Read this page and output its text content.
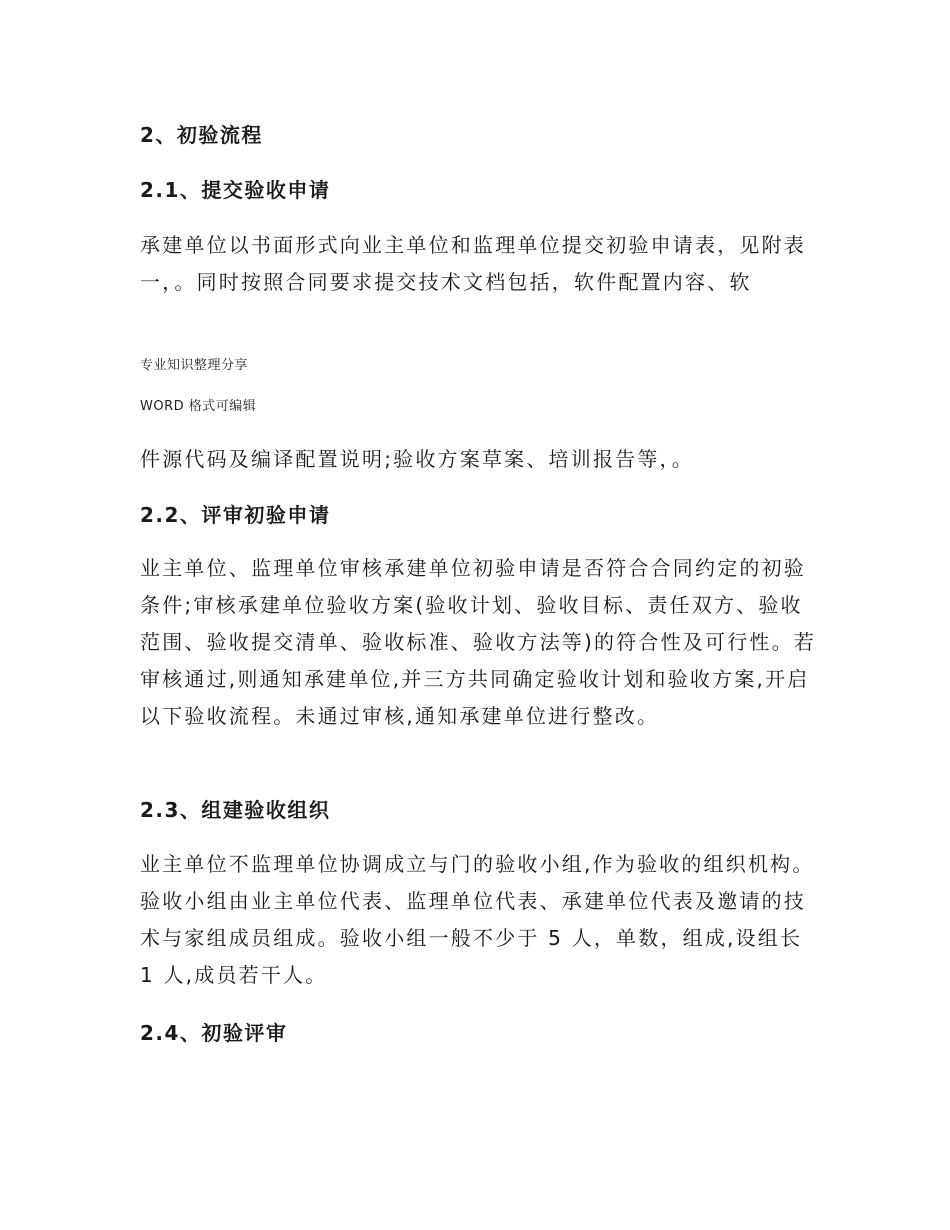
2、初验流程
2.1、提交验收申请

承建单位以书面形式向业主单位和监理单位提交初验申请表，见附表一，。同时按照合同要求提交技术文档包括，软件配置内容、软

专业知识整理分享
WORD 格式可编辑

件源代码及编译配置说明;验收方案草案、培训报告等，。

2.2、评审初验申请

业主单位、监理单位审核承建单位初验申请是否符合合同约定的初验条件;审核承建单位验收方案(验收计划、验收目标、责任双方、验收范围、验收提交清单、验收标准、验收方法等)的符合性及可行性。若审核通过,则通知承建单位,并三方共同确定验收计划和验收方案,开启以下验收流程。未通过审核,通知承建单位进行整改。

2.3、组建验收组织

业主单位不监理单位协调成立与门的验收小组,作为验收的组织机构。验收小组由业主单位代表、监理单位代表、承建单位代表及邀请的技术与家组成员组成。验收小组一般不少于 5 人，单数，组成,设组长 1 人,成员若干人。

2.4、初验评审
